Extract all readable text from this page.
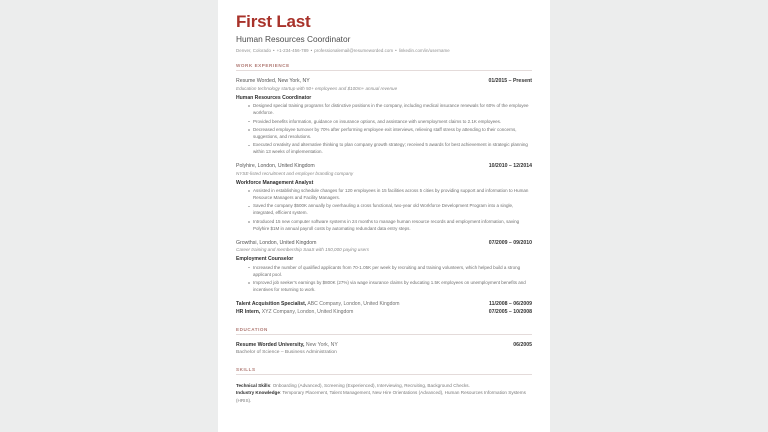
First Last
Human Resources Coordinator
Denver, Colorado • +1-234-456-789 • professionalemail@resumeworded.com • linkedin.com/in/username
WORK EXPERIENCE
Resume Worded, New York, NY	01/2015 – Present
Education technology startup with 50+ employees and $100m+ annual revenue
Human Resources Coordinator
Designed special training programs for distinctive positions in the company, including medical insurance renewals for 60% of the employee workforce.
Provided benefits information, guidance on insurance options, and assistance with unemployment claims to 2.1K employees.
Decreased employee turnover by 70% after performing employee exit interviews, relieving staff stress by attending to their concerns, suggestions, and resolutions.
Executed creativity and alternative thinking to plan company growth strategy; received 5 awards for best achievement in strategic planning within 13 weeks of implementation.
Polyhire, London, United Kingdom	10/2010 – 12/2014
NYSE-listed recruitment and employer branding company
Workforce Management Analyst
Assisted in establishing schedule changes for 120 employees in 15 facilities across 5 cities by providing support and information to Human Resource Managers and Facility Managers.
Saved the company $500K annually by overhauling a cross functional, two-year old Workforce Development Program into a single, integrated, efficient system.
Introduced 15 new computer software systems in 24 months to manage human resource records and employment information, saving Polyhire $1M in annual payroll costs by automating redundant data entry steps.
Growthsi, London, United Kingdom	07/2009 – 09/2010
Career training and membership SaaS with 150,000 paying users
Employment Counselor
Increased the number of qualified applicants from 70-1.05K per week by recruiting and training volunteers, which helped build a strong applicant pool.
Improved job seeker's earnings by $800K (27%) via wage insurance claims by educating 1.5K employees on unemployment benefits and incentives for returning to work.
Talent Acquisition Specialist, ABC Company, London, United Kingdom	11/2008 – 06/2009
HR Intern, XYZ Company, London, United Kingdom	07/2005 – 10/2008
EDUCATION
Resume Worded University, New York, NY	06/2005
Bachelor of Science – Business Administration
SKILLS
Technical Skills: Onboarding (Advanced), Screening (Experienced), Interviewing, Recruiting, Background Checks.
Industry Knowledge: Temporary Placement, Talent Management, New Hire Orientations (Advanced), Human Resources Information Systems (HRIS).
